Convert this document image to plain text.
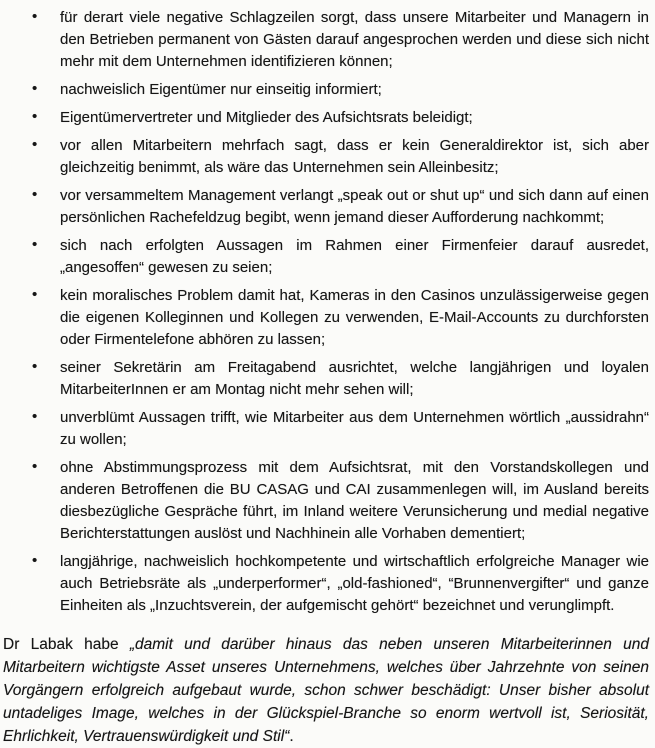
• für derart viele negative Schlagzeilen sorgt, dass unsere Mitarbeiter und Managern in den Betrieben permanent von Gästen darauf angesprochen werden und diese sich nicht mehr mit dem Unternehmen identifizieren können;
• nachweislich Eigentümer nur einseitig informiert;
• Eigentümervertreter und Mitglieder des Aufsichtsrats beleidigt;
• vor allen Mitarbeitern mehrfach sagt, dass er kein Generaldirektor ist, sich aber gleichzeitig benimmt, als wäre das Unternehmen sein Alleinbesitz;
• vor versammeltem Management verlangt „speak out or shut up“ und sich dann auf einen persönlichen Rachefeldzug begibt, wenn jemand dieser Aufforderung nachkommt;
• sich nach erfolgten Aussagen im Rahmen einer Firmenfeier darauf ausredet, „angesoffen“ gewesen zu seien;
• kein moralisches Problem damit hat, Kameras in den Casinos unzulässigerweise gegen die eigenen Kolleginnen und Kollegen zu verwenden, E-Mail-Accounts zu durchforsten oder Firmentelefone abhören zu lassen;
• seiner Sekretärin am Freitagabend ausrichtet, welche langjährigen und loyalen MitarbeiterInnen er am Montag nicht mehr sehen will;
• unverblümt Aussagen trifft, wie Mitarbeiter aus dem Unternehmen wörtlich „aussidrahn“ zu wollen;
• ohne Abstimmungsprozess mit dem Aufsichtsrat, mit den Vorstandskollegen und anderen Betroffenen die BU CASAG und CAI zusammenlegen will, im Ausland bereits diesbezügliche Gespräche führt, im Inland weitere Verunsicherung und medial negative Berichterstattungen auslöst und Nachhinein alle Vorhaben dementiert;
• langjährige, nachweislich hochkompetente und wirtschaftlich erfolgreiche Manager wie auch Betriebsräte als „underperformer“, „old-fashioned“, “Brunnenvergifter“ und ganze Einheiten als „Inzuchtsverein, der aufgemischt gehört“ bezeichnet und verunglimpft.

Dr Labak habe „damit und darüber hinaus das neben unseren Mitarbeiterinnen und Mitarbeitern wichtigste Asset unseres Unternehmens, welches über Jahrzehnte von seinen Vorgängern erfolgreich aufgebaut wurde, schon schwer beschädigt: Unser bisher absolut untadeliges Image, welches in der Glückspiel-Branche so enorm wertvoll ist, Seriosität, Ehrlichkeit, Vertrauenswürdigkeit und Stil“.
